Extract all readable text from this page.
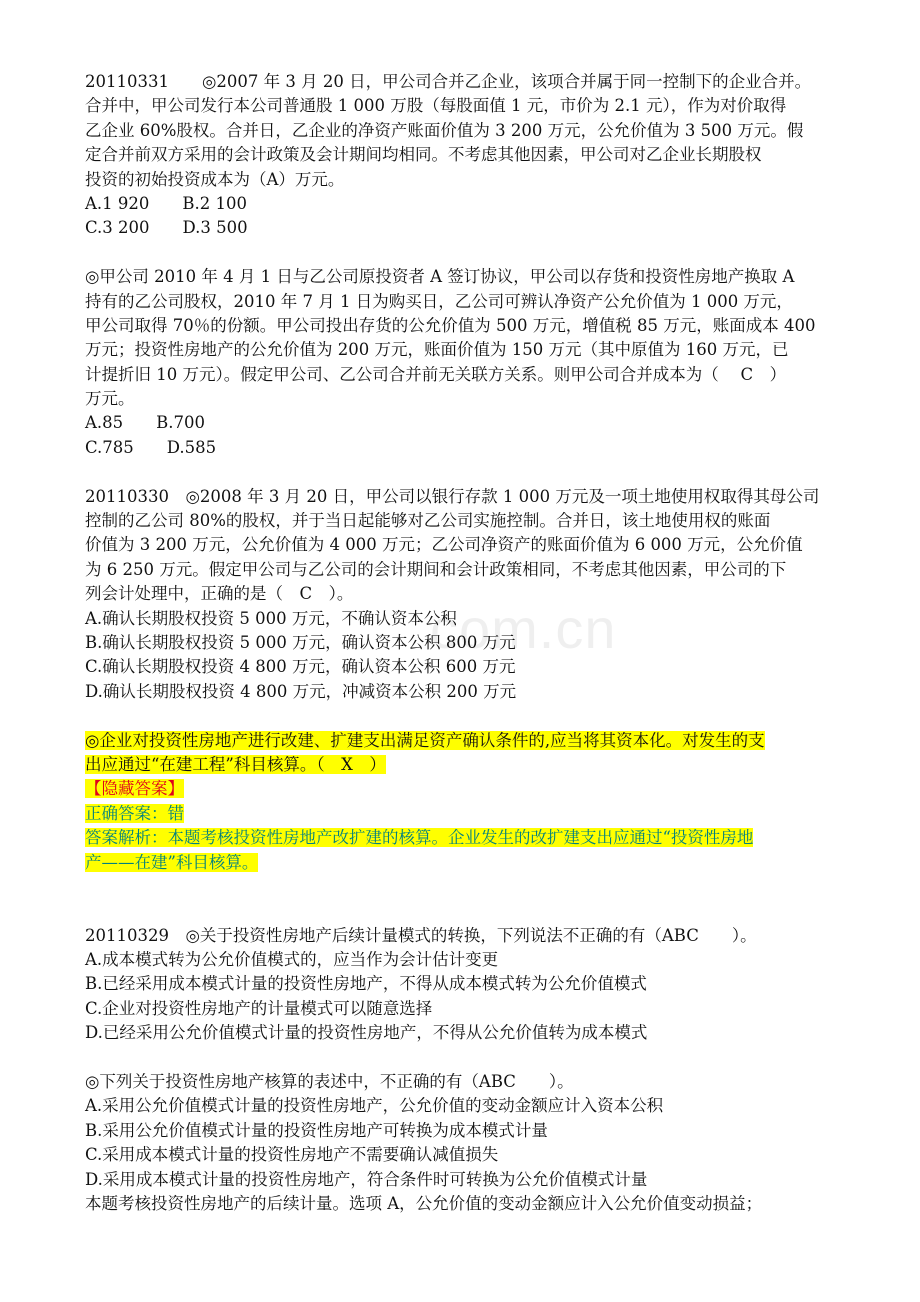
com.cn
20110331　　◎2007 年 3 月 20 日，甲公司合并乙企业，该项合并属于同一控制下的企业合并。
合并中，甲公司发行本公司普通股 1 000 万股（每股面值 1 元，市价为 2.1 元），作为对价取得
乙企业 60%股权。合并日，乙企业的净资产账面价值为 3 200 万元，公允价值为 3 500 万元。假
定合并前双方采用的会计政策及会计期间均相同。不考虑其他因素，甲公司对乙企业长期股权
投资的初始投资成本为（A）万元。
A.1 920　　B.2 100
C.3 200　　D.3 500
◎甲公司 2010 年 4 月 1 日与乙公司原投资者 A 签订协议，甲公司以存货和投资性房地产换取 A
持有的乙公司股权，2010 年 7 月 1 日为购买日，乙公司可辨认净资产公允价值为 1 000 万元，
甲公司取得 70％的份额。甲公司投出存货的公允价值为 500 万元，增值税 85 万元，账面成本 400
万元；投资性房地产的公允价值为 200 万元，账面价值为 150 万元（其中原值为 160 万元，已
计提折旧 10 万元）。假定甲公司、乙公司合并前无关联方关系。则甲公司合并成本为（　 C　）
万元。
A.85　　B.700
C.785　　D.585
20110330　◎2008 年 3 月 20 日，甲公司以银行存款 1 000 万元及一项土地使用权取得其母公司
控制的乙公司 80%的股权，并于当日起能够对乙公司实施控制。合并日，该土地使用权的账面
价值为 3 200 万元，公允价值为 4 000 万元；乙公司净资产的账面价值为 6 000 万元，公允价值
为 6 250 万元。假定甲公司与乙公司的会计期间和会计政策相同，不考虑其他因素，甲公司的下
列会计处理中，正确的是（　C　）。
A.确认长期股权投资 5 000 万元，不确认资本公积
B.确认长期股权投资 5 000 万元，确认资本公积 800 万元
C.确认长期股权投资 4 800 万元，确认资本公积 600 万元
D.确认长期股权投资 4 800 万元，冲减资本公积 200 万元
◎企业对投资性房地产进行改建、扩建支出满足资产确认条件的,应当将其资本化。对发生的支
出应通过“在建工程”科目核算。（　X　）
【隐藏答案】
正确答案：错
答案解析：本题考核投资性房地产改扩建的核算。企业发生的改扩建支出应通过“投资性房地
产——在建”科目核算。
20110329　◎关于投资性房地产后续计量模式的转换，下列说法不正确的有（ABC　　）。
A.成本模式转为公允价值模式的，应当作为会计估计变更
B.已经采用成本模式计量的投资性房地产，不得从成本模式转为公允价值模式
C.企业对投资性房地产的计量模式可以随意选择
D.已经采用公允价值模式计量的投资性房地产，不得从公允价值转为成本模式
◎下列关于投资性房地产核算的表述中，不正确的有（ABC　　）。
A.采用公允价值模式计量的投资性房地产，公允价值的变动金额应计入资本公积
B.采用公允价值模式计量的投资性房地产可转换为成本模式计量
C.采用成本模式计量的投资性房地产不需要确认减值损失
D.采用成本模式计量的投资性房地产，符合条件时可转换为公允价值模式计量
本题考核投资性房地产的后续计量。选项 A，公允价值的变动金额应计入公允价值变动损益；
